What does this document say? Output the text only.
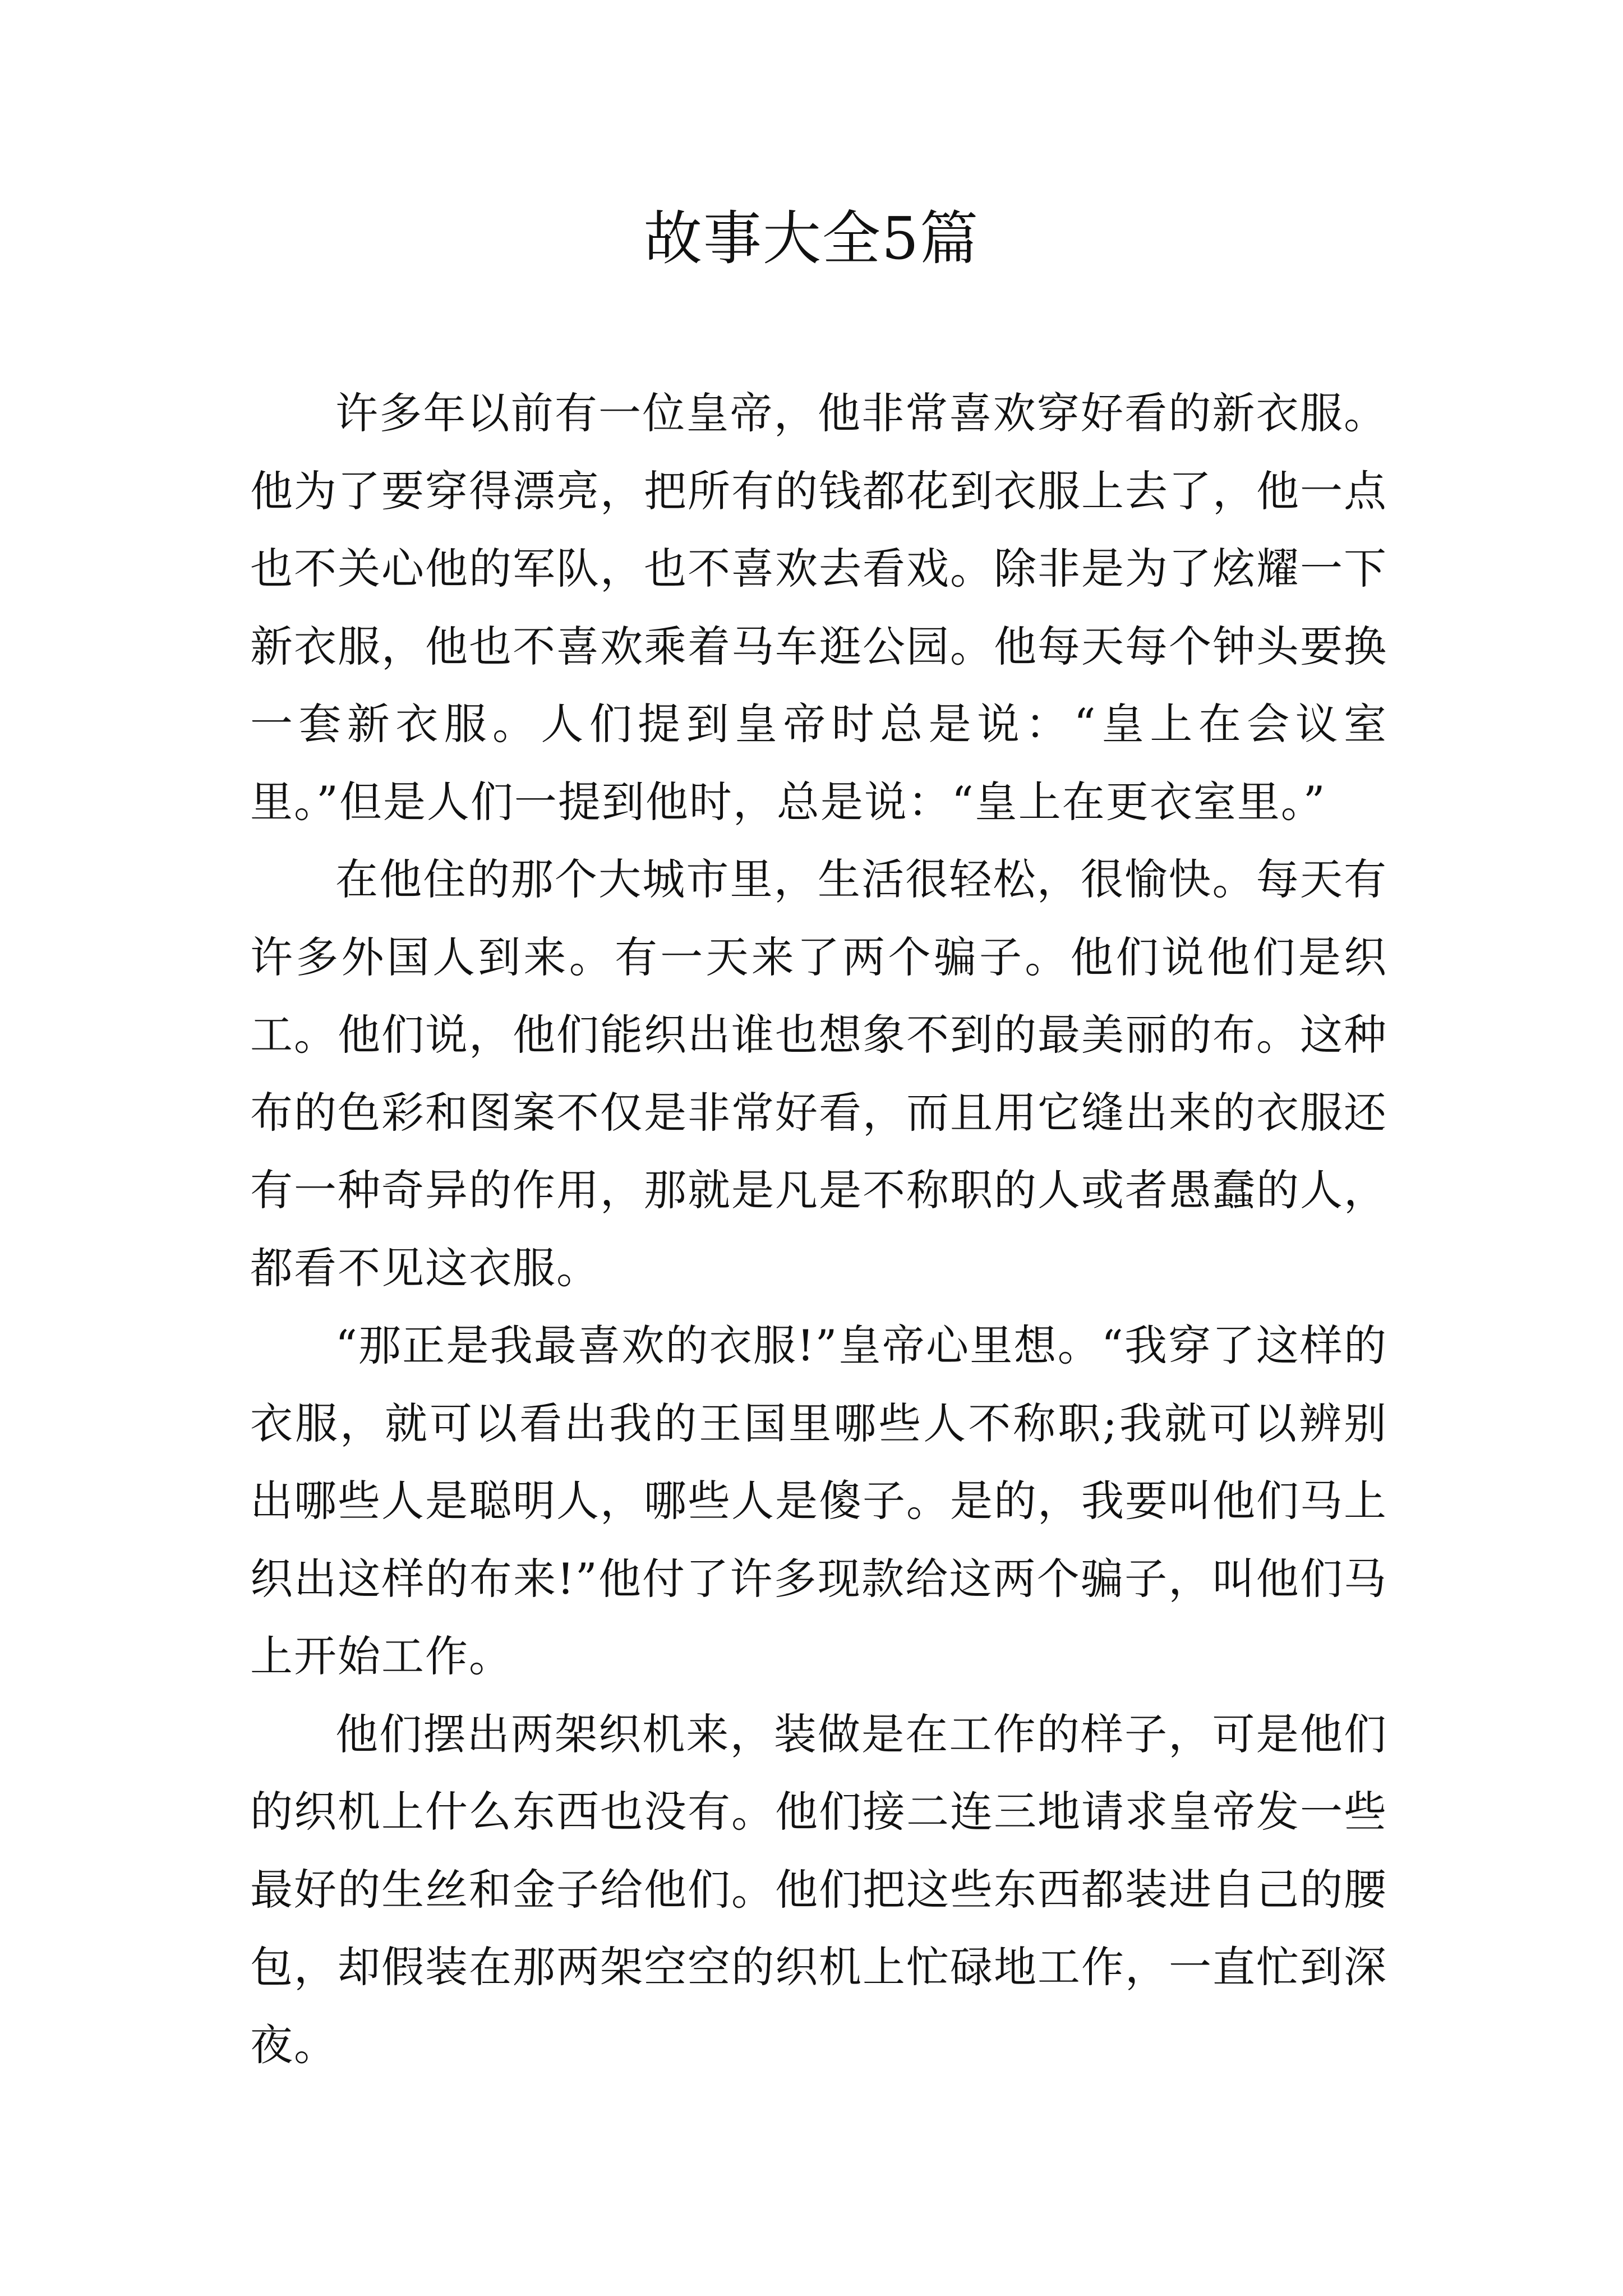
故事大全5篇

许多年以前有一位皇帝，他非常喜欢穿好看的新衣服。他为了要穿得漂亮，把所有的钱都花到衣服上去了，他一点也不关心他的军队，也不喜欢去看戏。除非是为了炫耀一下新衣服，他也不喜欢乘着马车逛公园。他每天每个钟头要换一套新衣服。人们提到皇帝时总是说：“皇上在会议室里。”但是人们一提到他时，总是说：“皇上在更衣室里。”

在他住的那个大城市里，生活很轻松，很愉快。每天有许多外国人到来。有一天来了两个骗子。他们说他们是织工。他们说，他们能织出谁也想象不到的最美丽的布。这种布的色彩和图案不仅是非常好看，而且用它缝出来的衣服还有一种奇异的作用，那就是凡是不称职的人或者愚蠢的人，都看不见这衣服。

“那正是我最喜欢的衣服!”皇帝心里想。“我穿了这样的衣服，就可以看出我的王国里哪些人不称职;我就可以辨别出哪些人是聪明人，哪些人是傻子。是的，我要叫他们马上织出这样的布来!”他付了许多现款给这两个骗子，叫他们马上开始工作。

他们摆出两架织机来，装做是在工作的样子，可是他们的织机上什么东西也没有。他们接二连三地请求皇帝发一些最好的生丝和金子给他们。他们把这些东西都装进自己的腰包，却假装在那两架空空的织机上忙碌地工作，一直忙到深夜。
